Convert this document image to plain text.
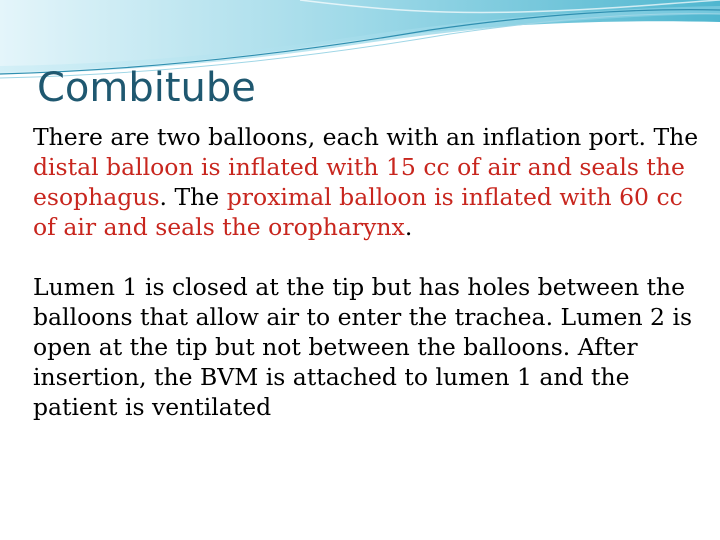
Combitube

There are two balloons, each with an inflation port. The distal balloon is inflated with 15 cc of air and seals the esophagus. The proximal balloon is inflated with 60 cc of air and seals the oropharynx.

Lumen 1 is closed at the tip but has holes between the balloons that allow air to enter the trachea. Lumen 2 is open at the tip but not between the balloons. After insertion, the BVM is attached to lumen 1 and the patient is ventilated
